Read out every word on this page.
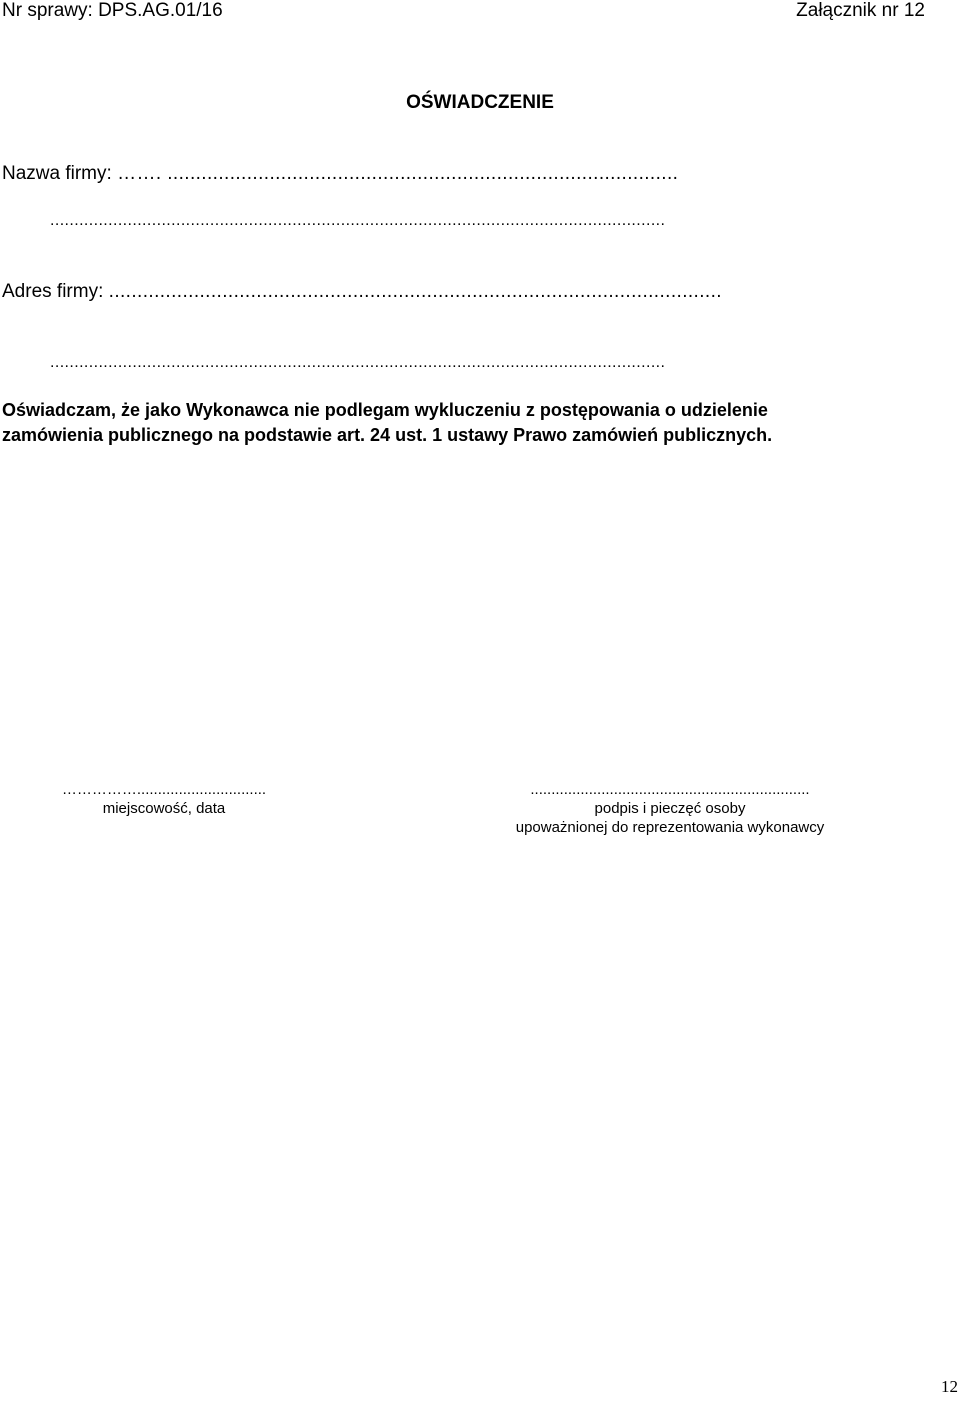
Nr sprawy: DPS.AG.01/16	Załącznik nr 12
OŚWIADCZENIE
Nazwa firmy: ……. ..........................................................................................
...............................................................................................................................
Adres firmy: ............................................................................................................
...............................................................................................................................

Oświadczam, że jako Wykonawca nie podlegam wykluczeniu z postępowania o udzielenie

zamówienia publicznego na podstawie art. 24 ust. 1 ustawy Prawo zamówień publicznych.

……………...............................
miejscowość, data
...................................................................
podpis i pieczęć osoby
upoważnionej do reprezentowania wykonawcy
12
